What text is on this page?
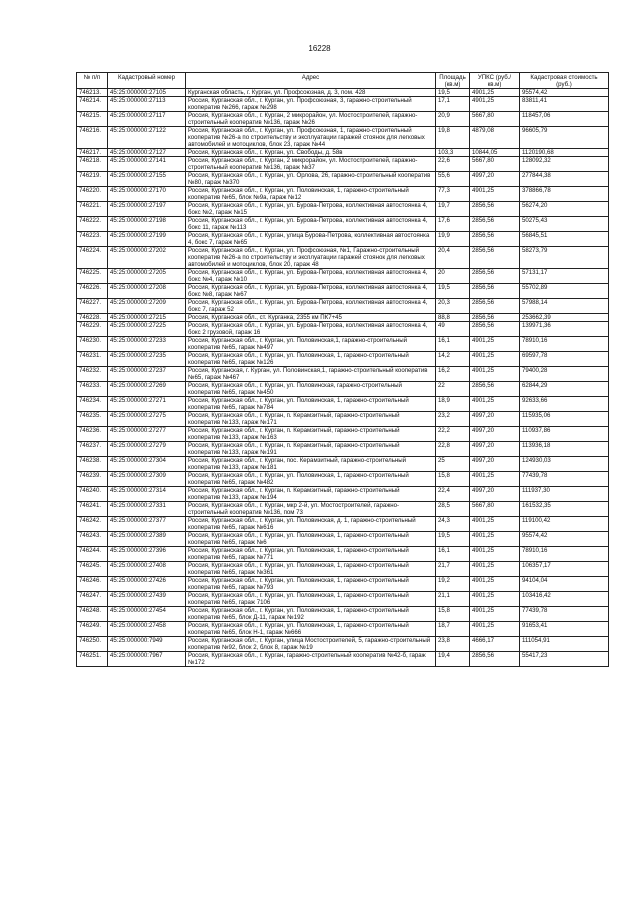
16228
№ п/п	Кадастровый номер	Адрес	Площадь (кв.м)	УПКС (руб./кв.м)	Кадастровая стоимость (руб.)
746213.	45:25:000000:27105	Курганская область, г. Курган, ул. Профсоюзная, д. 3, пом. 428	19,5	4901,25	95574,42
746214.	45:25:000000:27113	Россия, Курганская обл., г. Курган, ул. Профсоюзная, 3, гаражно-строительный кооператив №266, гараж №298	17,1	4901,25	83811,41
746215.	45:25:000000:27117	Россия, Курганская обл., г. Курган, 2 микрорайон, ул. Мостостроителей, гаражно-строительный кооператив №136, гараж №26	20,9	5667,80	118457,06
746216.	45:25:000000:27122	Россия, Курганская обл., г. Курган, ул. Профсоюзная, 1, гаражно-строительный кооператив №26-а по строительству и эксплуатации гаражей стоянок для легковых автомобилей и мотоциклов, блок 23, гараж №44	19,8	4879,08	96605,79
746217.	45:25:000000:27127	Россия, Курганская обл., г. Курган, ул. Свободы, д. 58в	103,3	10844,05	1120190,68
746218.	45:25:000000:27141	Россия, Курганская обл., г. Курган, 2 микрорайон, ул. Мостостроителей, гаражно-строительный кооператив №136, гараж №37	22,6	5667,80	128092,32
746219.	45:25:000000:27155	Россия, Курганская обл., г. Курган, ул. Орлова, 26, гаражно-строительный кооператив №80, гараж №370	55,6	4997,20	277844,38
746220.	45:25:000000:27170	Россия, Курганская обл., г. Курган, ул. Половинская, 1, гаражно-строительный кооператив №65, блок №9а, гараж №12	77,3	4901,25	378866,78
746221.	45:25:000000:27197	Россия, Курганская обл., г. Курган, ул. Бурова-Петрова, коллективная автостоянка 4, бокс №2, гараж №15	19,7	2856,56	56274,20
746222.	45:25:000000:27198	Россия, Курганская обл., г. Курган, ул. Бурова-Петрова, коллективная автостоянка 4, бокс 11, гараж №113	17,6	2856,56	50275,43
746223.	45:25:000000:27199	Россия, Курганская обл., г. Курган, улица Бурова-Петрова, коллективная автостоянка 4, бокс 7, гараж №65	19,9	2856,56	56845,51
746224.	45:25:000000:27202	Россия, Курганская обл., г. Курган, ул. Профсоюзная, №1, Гаражно-строительный кооператив №26-а по строительству и эксплуатации гаражей стоянок для легковых автомобилей и мотоциклов, блок 20, гараж 48	20,4	2856,56	58273,79
746225.	45:25:000000:27205	Россия, Курганская обл., г. Курган, ул. Бурова-Петрова, коллективная автостоянка 4, бокс №4, гараж №10	20	2856,56	57131,17
746226.	45:25:000000:27208	Россия, Курганская обл., г. Курган, ул. Бурова-Петрова, коллективная автостоянка 4, бокс №8, гараж №67	19,5	2856,56	55702,89
746227.	45:25:000000:27209	Россия, Курганская обл., г. Курган, ул. Бурова-Петрова, коллективная автостоянка 4, бокс 7, гараж 52	20,3	2856,56	57988,14
746228.	45:25:000000:27215	Россия, Курганская обл., ст. Курганка, 2355 км ПК7+45	88,8	2856,56	253662,39
746229.	45:25:000000:27225	Россия, Курганская обл., г. Курган, ул. Бурова-Петрова, коллективная автостоянка 4, бокс 2 грузовой, гараж 16	49	2856,56	139971,36
746230.	45:25:000000:27233	Россия, Курганская обл., г. Курган, ул. Половинская,1, гаражно-строительный кооператив №65, гараж №497	16,1	4901,25	78910,16
746231.	45:25:000000:27235	Россия, Курганская обл., г. Курган, ул. Половинская, 1, гаражно-строительный кооператив №65, гараж №126	14,2	4901,25	69597,78
746232.	45:25:000000:27237	Россия, Курганская, г. Курган, ул. Половинская,1, гаражно-строительный кооператив №65, гараж №467	16,2	4901,25	79400,28
746233.	45:25:000000:27269	Россия, Курганская обл., г. Курган, ул. Половинская, гаражно-строительный кооператив №65, гараж №450	22	2856,56	62844,29
746234.	45:25:000000:27271	Россия, Курганская обл., г. Курган, ул. Половинская, 1, гаражно-строительный кооператив №65, гараж №784	18,9	4901,25	92633,66
746235.	45:25:000000:27275	Россия, Курганская обл., г. Курган, п. Керамзитный, гаражно-строительный кооператив №133, гараж №171	23,2	4997,20	115935,06
746236.	45:25:000000:27277	Россия, Курганская обл., г. Курган, п. Керамзитный, гаражно-строительный кооператив №133, гараж №163	22,2	4997,20	110937,86
746237.	45:25:000000:27279	Россия, Курганская обл., г. Курган, п. Керамзитный, гаражно-строительный кооператив №133, гараж №191	22,8	4997,20	113936,18
746238.	45:25:000000:27304	Россия, Курганская обл., г. Курган, пос. Керамзитный, гаражно-строительный кооператив №133, гараж №181	25	4997,20	124930,03
746239.	45:25:000000:27309	Россия, Курганская обл., г. Курган, ул. Половинская, 1, гаражно-строительный кооператив №65, гараж №482	15,8	4901,25	77439,78
746240.	45:25:000000:27314	Россия, Курганская обл., г. Курган, п. Керамзитный, гаражно-строительный кооператив №133, гараж №194	22,4	4997,20	111937,30
746241.	45:25:000000:27331	Россия, Курганская обл., г. Курган, мкр 2-й, ул. Мостостроителей, гаражно-строительный кооператив №136, пом 73	28,5	5667,80	161532,35
746242.	45:25:000000:27377	Россия, Курганская обл., г. Курган, ул. Половинская, д. 1, гаражно-строительный кооператив №65, гараж №616	24,3	4901,25	119100,42
746243.	45:25:000000:27389	Россия, Курганская обл., г. Курган, ул. Половинская, 1, гаражно-строительный кооператив №65, гараж №6	19,5	4901,25	95574,42
746244.	45:25:000000:27396	Россия, Курганская обл., г. Курган, ул. Половинская, 1, гаражно-строительный кооператив №65, гараж №771	16,1	4901,25	78910,16
746245.	45:25:000000:27408	Россия, Курганская обл., г. Курган, ул. Половинская, 1, гаражно-строительный кооператив №65, гараж №361	21,7	4901,25	106357,17
746246.	45:25:000000:27426	Россия, Курганская обл., г. Курган, ул. Половинская, 1, гаражно-строительный кооператив №65, гараж №793	19,2	4901,25	94104,04
746247.	45:25:000000:27439	Россия, Курганская обл., г. Курган, ул. Половинская, 1, гаражно-строительный кооператив №65, гараж 7106	21,1	4901,25	103416,42
746248.	45:25:000000:27454	Россия, Курганская обл., г. Курган, ул. Половинская, 1, гаражно-строительный кооператив №65, блок Д-11, гараж №192	15,8	4901,25	77439,78
746249.	45:25:000000:27458	Россия, Курганская обл., г. Курган, ул. Половинская, 1, гаражно-строительный кооператив №65, блок Н-1, гараж №666	18,7	4901,25	91653,41
746250.	45:25:000000:7949	Россия, Курганская обл., г. Курган, улица Мостостроителей, 5, гаражно-строительный кооператив №92, блок 2, блок 8, гараж №19	23,8	4666,17	111054,91
746251.	45:25:000000:7967	Россия, Курганская обл., г. Курган, гаражно-строительный кооператив №42-б, гараж №172	19,4	2856,56	55417,23
